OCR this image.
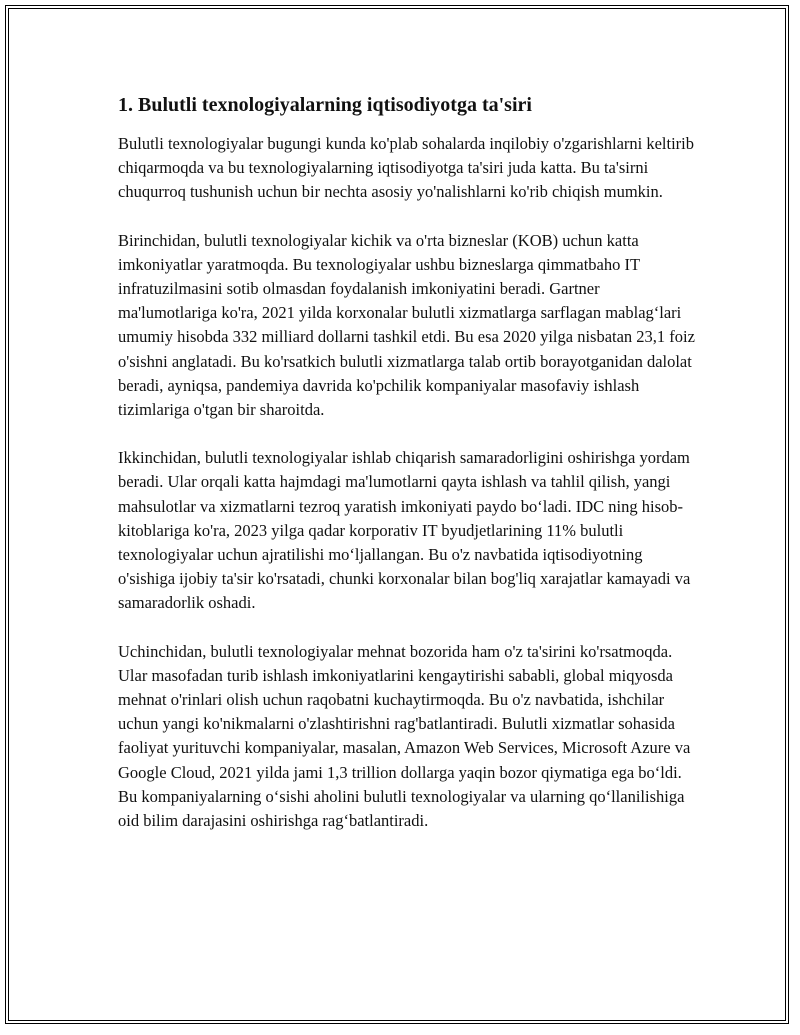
1. Bulutli texnologiyalarning iqtisodiyotga ta'siri

Bulutli texnologiyalar bugungi kunda ko'plab sohalarda inqilobiy o'zgarishlarni keltirib chiqarmoqda va bu texnologiyalarning iqtisodiyotga ta'siri juda katta. Bu ta'sirni chuqurroq tushunish uchun bir nechta asosiy yo'nalishlarni ko'rib chiqish mumkin.

Birinchidan, bulutli texnologiyalar kichik va o'rta bizneslar (KOB) uchun katta imkoniyatlar yaratmoqda. Bu texnologiyalar ushbu bizneslarga qimmatbaho IT infratuzilmasini sotib olmasdan foydalanish imkoniyatini beradi. Gartner ma'lumotlariga ko'ra, 2021 yilda korxonalar bulutli xizmatlarga sarflagan mablag‘lari umumiy hisobda 332 milliard dollarni tashkil etdi. Bu esa 2020 yilga nisbatan 23,1 foiz o'sishni anglatadi. Bu ko'rsatkich bulutli xizmatlarga talab ortib borayotganidan dalolat beradi, ayniqsa, pandemiya davrida ko'pchilik kompaniyalar masofaviy ishlash tizimlariga o'tgan bir sharoitda.

Ikkinchidan, bulutli texnologiyalar ishlab chiqarish samaradorligini oshirishga yordam beradi. Ular orqali katta hajmdagi ma'lumotlarni qayta ishlash va tahlil qilish, yangi mahsulotlar va xizmatlarni tezroq yaratish imkoniyati paydo bo‘ladi. IDC ning hisob-kitoblariga ko'ra, 2023 yilga qadar korporativ IT byudjetlarining 11% bulutli texnologiyalar uchun ajratilishi mo‘ljallangan. Bu o'z navbatida iqtisodiyotning o'sishiga ijobiy ta'sir ko'rsatadi, chunki korxonalar bilan bog'liq xarajatlar kamayadi va samaradorlik oshadi.

Uchinchidan, bulutli texnologiyalar mehnat bozorida ham o'z ta'sirini ko'rsatmoqda. Ular masofadan turib ishlash imkoniyatlarini kengaytirishi sababli, global miqyosda mehnat o'rinlari olish uchun raqobatni kuchaytirmoqda. Bu o'z navbatida, ishchilar uchun yangi ko'nikmalarni o'zlashtirishni rag'batlantiradi. Bulutli xizmatlar sohasida faoliyat yurituvchi kompaniyalar, masalan, Amazon Web Services, Microsoft Azure va Google Cloud, 2021 yilda jami 1,3 trillion dollarga yaqin bozor qiymatiga ega bo‘ldi. Bu kompaniyalarning o‘sishi aholini bulutli texnologiyalar va ularning qo‘llanilishiga oid bilim darajasini oshirishga rag‘batlantiradi.
